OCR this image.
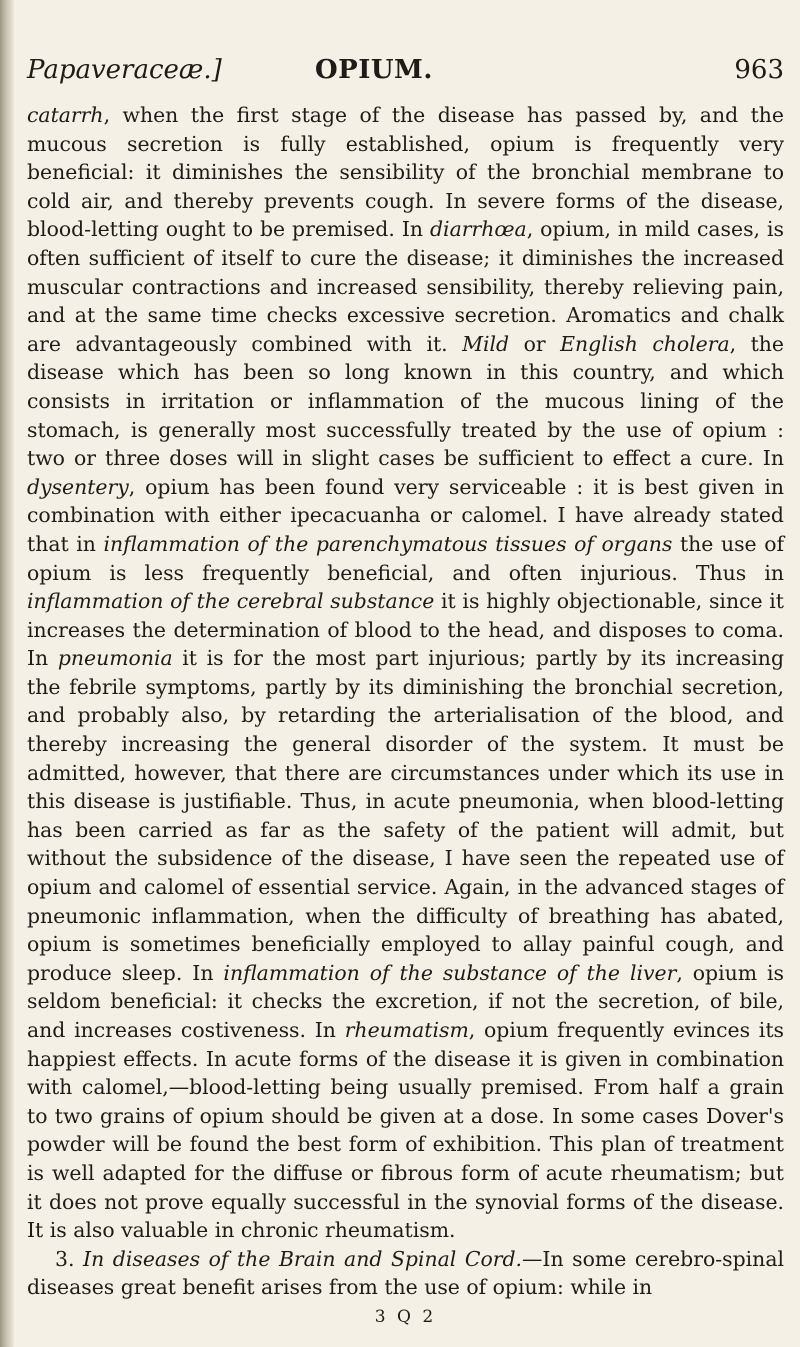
Papaveraceæ.]	OPIUM.	963

catarrh, when the first stage of the disease has passed by, and the mucous secretion is fully established, opium is frequently very beneficial: it diminishes the sensibility of the bronchial membrane to cold air, and thereby prevents cough. In severe forms of the disease, blood-letting ought to be premised. In diarrhœa, opium, in mild cases, is often sufficient of itself to cure the disease; it diminishes the increased muscular contractions and increased sensibility, thereby relieving pain, and at the same time checks excessive secretion. Aromatics and chalk are advantageously combined with it. Mild or English cholera, the disease which has been so long known in this country, and which consists in irritation or inflammation of the mucous lining of the stomach, is generally most successfully treated by the use of opium : two or three doses will in slight cases be sufficient to effect a cure. In dysentery, opium has been found very serviceable : it is best given in combination with either ipecacuanha or calomel. I have already stated that in inflammation of the parenchymatous tissues of organs the use of opium is less frequently beneficial, and often injurious. Thus in inflammation of the cerebral substance it is highly objectionable, since it increases the determination of blood to the head, and disposes to coma. In pneumonia it is for the most part injurious; partly by its increasing the febrile symptoms, partly by its diminishing the bronchial secretion, and probably also, by retarding the arterialisation of the blood, and thereby increasing the general disorder of the system. It must be admitted, however, that there are circumstances under which its use in this disease is justifiable. Thus, in acute pneumonia, when blood-letting has been carried as far as the safety of the patient will admit, but without the subsidence of the disease, I have seen the repeated use of opium and calomel of essential service. Again, in the advanced stages of pneumonic inflammation, when the difficulty of breathing has abated, opium is sometimes beneficially employed to allay painful cough, and produce sleep. In inflammation of the substance of the liver, opium is seldom beneficial: it checks the excretion, if not the secretion, of bile, and increases costiveness. In rheumatism, opium frequently evinces its happiest effects. In acute forms of the disease it is given in combination with calomel,—blood-letting being usually premised. From half a grain to two grains of opium should be given at a dose. In some cases Dover's powder will be found the best form of exhibition. This plan of treatment is well adapted for the diffuse or fibrous form of acute rheumatism; but it does not prove equally successful in the synovial forms of the disease. It is also valuable in chronic rheumatism.

3. In diseases of the Brain and Spinal Cord.—In some cerebro-spinal diseases great benefit arises from the use of opium: while in

3 Q 2
